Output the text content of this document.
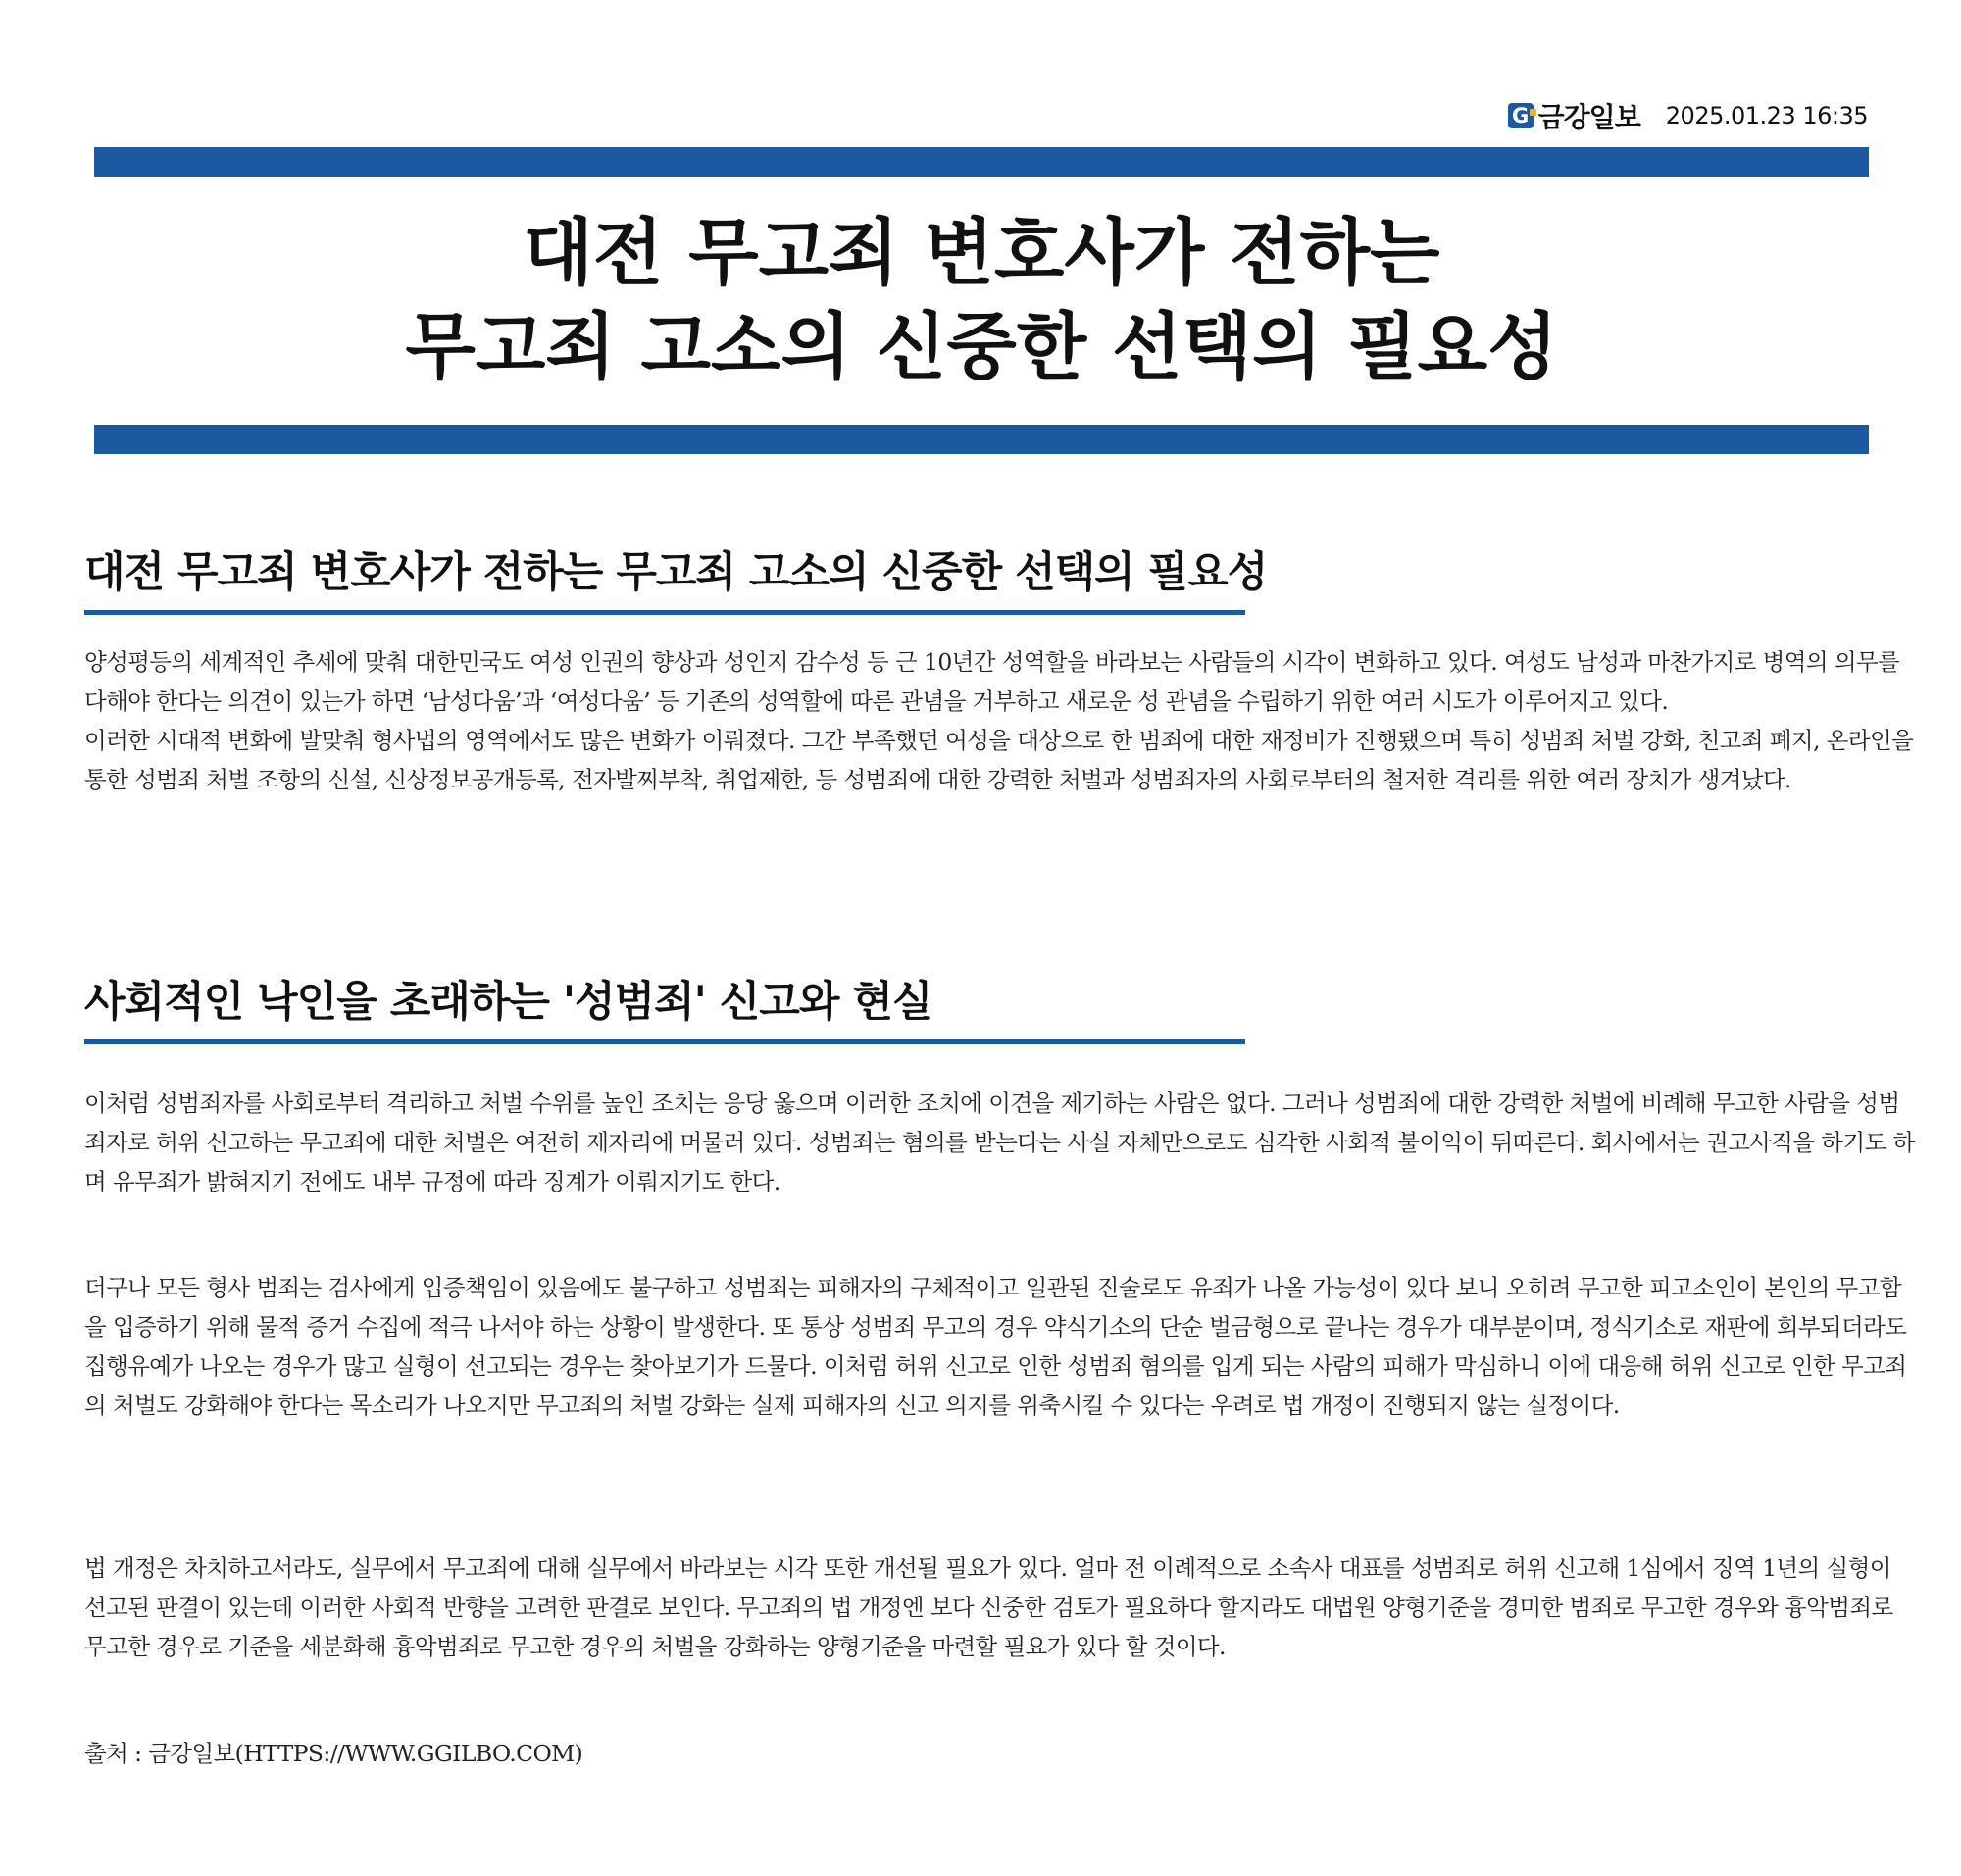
G 금강일보 2025.01.23 16:35
대전 무고죄 변호사가 전하는
무고죄 고소의 신중한 선택의 필요성
대전 무고죄 변호사가 전하는 무고죄 고소의 신중한 선택의 필요성

양성평등의 세계적인 추세에 맞춰 대한민국도 여성 인권의 향상과 성인지 감수성 등 근 10년간 성역할을 바라보는 사람들의 시각이 변화하고 있다. 여성도 남성과 마찬가지로 병역의 의무를 다해야 한다는 의견이 있는가 하면 ‘남성다움’과 ‘여성다움’ 등 기존의 성역할에 따른 관념을 거부하고 새로운 성 관념을 수립하기 위한 여러 시도가 이루어지고 있다.

이러한 시대적 변화에 발맞춰 형사법의 영역에서도 많은 변화가 이뤄졌다. 그간 부족했던 여성을 대상으로 한 범죄에 대한 재정비가 진행됐으며 특히 성범죄 처벌 강화, 친고죄 폐지, 온라인을 통한 성범죄 처벌 조항의 신설, 신상정보공개등록, 전자발찌부착, 취업제한, 등 성범죄에 대한 강력한 처벌과 성범죄자의 사회로부터의 철저한 격리를 위한 여러 장치가 생겨났다.

사회적인 낙인을 초래하는 '성범죄' 신고와 현실

이처럼 성범죄자를 사회로부터 격리하고 처벌 수위를 높인 조치는 응당 옳으며 이러한 조치에 이견을 제기하는 사람은 없다. 그러나 성범죄에 대한 강력한 처벌에 비례해 무고한 사람을 성범죄자로 허위 신고하는 무고죄에 대한 처벌은 여전히 제자리에 머물러 있다. 성범죄는 혐의를 받는다는 사실 자체만으로도 심각한 사회적 불이익이 뒤따른다. 회사에서는 권고사직을 하기도 하며 유무죄가 밝혀지기 전에도 내부 규정에 따라 징계가 이뤄지기도 한다.

더구나 모든 형사 범죄는 검사에게 입증책임이 있음에도 불구하고 성범죄는 피해자의 구체적이고 일관된 진술로도 유죄가 나올 가능성이 있다 보니 오히려 무고한 피고소인이 본인의 무고함을 입증하기 위해 물적 증거 수집에 적극 나서야 하는 상황이 발생한다. 또 통상 성범죄 무고의 경우 약식기소의 단순 벌금형으로 끝나는 경우가 대부분이며, 정식기소로 재판에 회부되더라도 집행유예가 나오는 경우가 많고 실형이 선고되는 경우는 찾아보기가 드물다. 이처럼 허위 신고로 인한 성범죄 혐의를 입게 되는 사람의 피해가 막심하니 이에 대응해 허위 신고로 인한 무고죄의 처벌도 강화해야 한다는 목소리가 나오지만 무고죄의 처벌 강화는 실제 피해자의 신고 의지를 위축시킬 수 있다는 우려로 법 개정이 진행되지 않는 실정이다.

법 개정은 차치하고서라도, 실무에서 무고죄에 대해 실무에서 바라보는 시각 또한 개선될 필요가 있다. 얼마 전 이례적으로 소속사 대표를 성범죄로 허위 신고해 1심에서 징역 1년의 실형이 선고된 판결이 있는데 이러한 사회적 반향을 고려한 판결로 보인다. 무고죄의 법 개정엔 보다 신중한 검토가 필요하다 할지라도 대법원 양형기준을 경미한 범죄로 무고한 경우와 흉악범죄로 무고한 경우로 기준을 세분화해 흉악범죄로 무고한 경우의 처벌을 강화하는 양형기준을 마련할 필요가 있다 할 것이다.

출처 : 금강일보(HTTPS://WWW.GGILBO.COM)
